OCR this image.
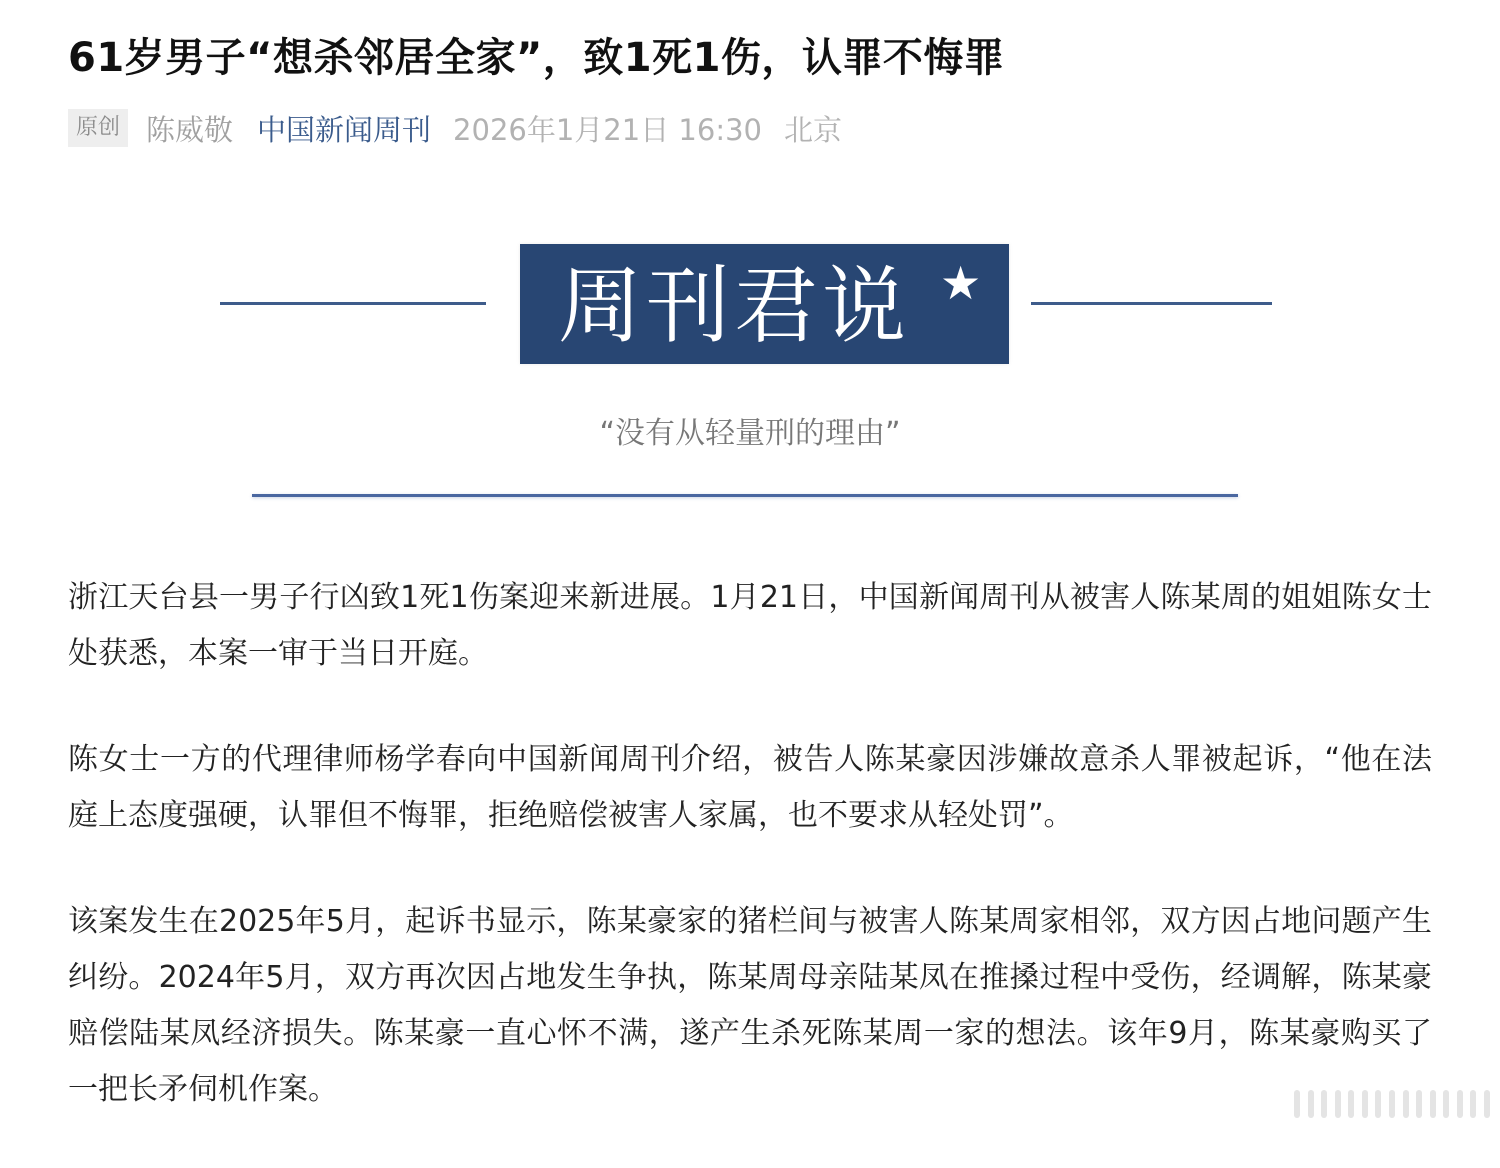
61岁男子“想杀邻居全家”，致1死1伤，认罪不悔罪
原创 陈威敬 中国新闻周刊 2026年1月21日 16:30 北京
周刊君说 ★
“没有从轻量刑的理由”

浙江天台县一男子行凶致1死1伤案迎来新进展。1月21日，中国新闻周刊从被害人陈某周的姐姐陈女士处获悉，本案一审于当日开庭。

陈女士一方的代理律师杨学春向中国新闻周刊介绍，被告人陈某豪因涉嫌故意杀人罪被起诉，“他在法庭上态度强硬，认罪但不悔罪，拒绝赔偿被害人家属，也不要求从轻处罚”。

该案发生在2025年5月，起诉书显示，陈某豪家的猪栏间与被害人陈某周家相邻，双方因占地问题产生纠纷。2024年5月，双方再次因占地发生争执，陈某周母亲陆某凤在推搡过程中受伤，经调解，陈某豪赔偿陆某凤经济损失。陈某豪一直心怀不满，遂产生杀死陈某周一家的想法。该年9月，陈某豪购买了一把长矛伺机作案。
